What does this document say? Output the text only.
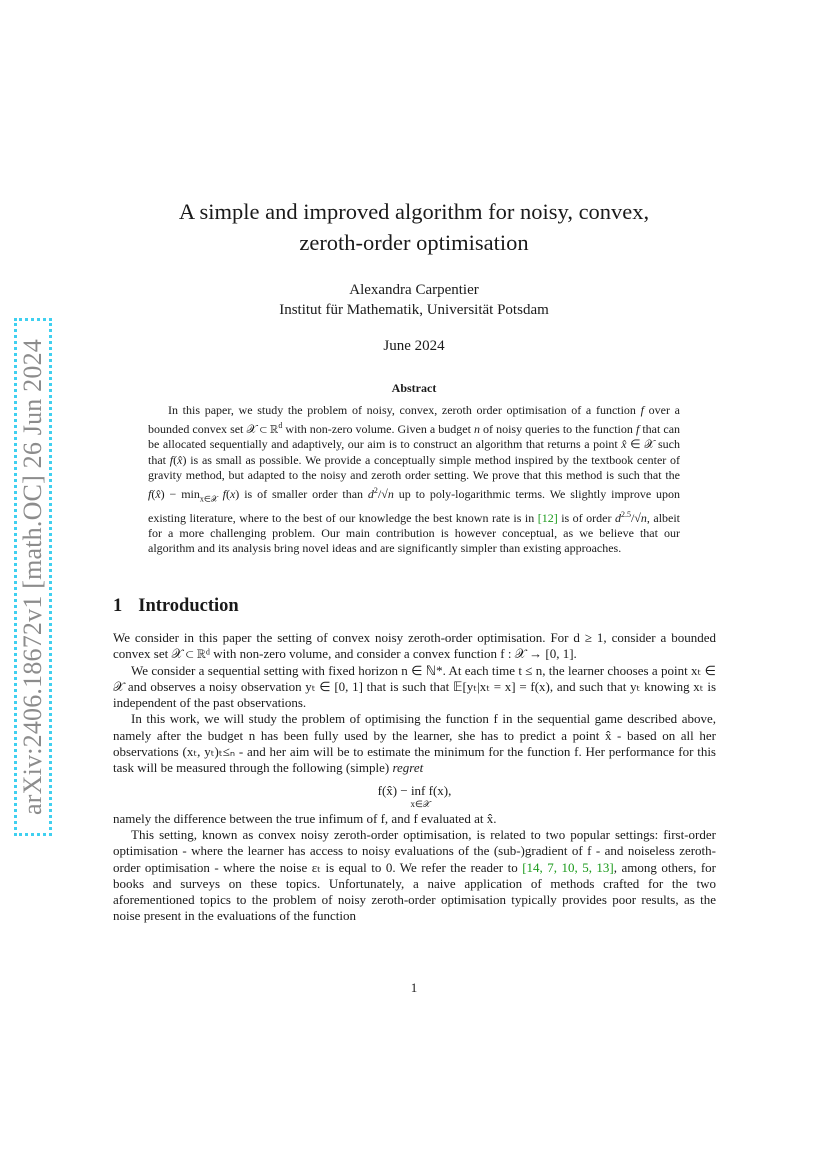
arXiv:2406.18672v1 [math.OC] 26 Jun 2024
A simple and improved algorithm for noisy, convex,
zeroth-order optimisation
Alexandra Carpentier
Institut für Mathematik, Universität Potsdam
June 2024
Abstract

In this paper, we study the problem of noisy, convex, zeroth order optimisation of a function f over a bounded convex set 𝒳 ⊂ ℝ$^d$ with non-zero volume. Given a budget n of noisy queries to the function f that can be allocated sequentially and adaptively, our aim is to construct an algorithm that returns a point x̂ ∈ 𝒳 such that f(x̂) is as small as possible. We provide a conceptually simple method inspired by the textbook center of gravity method, but adapted to the noisy and zeroth order setting. We prove that this method is such that the f(x̂) − $\min_{x\in 𝒳} f(x)$ is of smaller order than $d^2/√n$ up to poly-logarithmic terms. We slightly improve upon existing literature, where to the best of our knowledge the best known rate is in [12] is of order $d^{2.5}/√n$, albeit for a more challenging problem. Our main contribution is however conceptual, as we believe that our algorithm and its analysis bring novel ideas and are significantly simpler than existing approaches.

1 Introduction

We consider in this paper the setting of convex noisy zeroth-order optimisation. For d ≥ 1, consider a bounded convex set 𝒳 ⊂ ℝᵈ with non-zero volume, and consider a convex function f : 𝒳 → [0, 1].

We consider a sequential setting with fixed horizon n ∈ ℕ*. At each time t ≤ n, the learner chooses a point xₜ ∈ 𝒳 and observes a noisy observation yₜ ∈ [0, 1] that is such that 𝔼[yₜ|xₜ = x] = f(x), and such that yₜ knowing xₜ is independent of the past observations.

In this work, we will study the problem of optimising the function f in the sequential game described above, namely after the budget n has been fully used by the learner, she has to predict a point x̂ - based on all her observations (xₜ, yₜ)ₜ≤ₙ - and her aim will be to estimate the minimum for the function f. Her performance for this task will be measured through the following (simple) regret

f(x̂) − inf f(x),
x∈𝒳

namely the difference between the true infimum of f, and f evaluated at x̂.

This setting, known as convex noisy zeroth-order optimisation, is related to two popular settings: first-order optimisation - where the learner has access to noisy evaluations of the (sub-)gradient of f - and noiseless zeroth-order optimisation - where the noise εₜ is equal to 0. We refer the reader to [14, 7, 10, 5, 13], among others, for books and surveys on these topics. Unfortunately, a naive application of methods crafted for the two aforementioned topics to the problem of noisy zeroth-order optimisation typically provides poor results, as the noise present in the evaluations of the function

1
